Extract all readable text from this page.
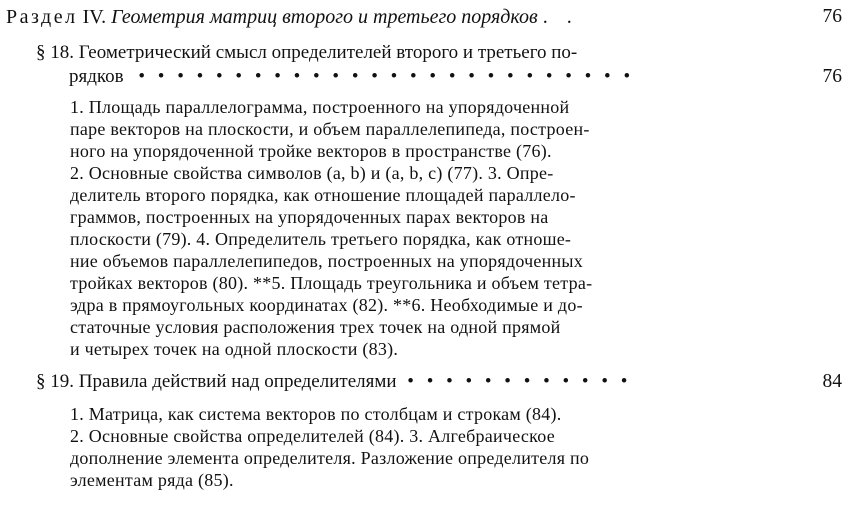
Раздел IV. Геометрия матриц второго и третьего порядков . .	76
§ 18. Геометрический смысл определителей второго и третьего по-
рядков • • • • • • • • • • • • • • • • • • • • • • • • • •	76
1. Площадь параллелограмма, построенного на упорядоченной
паре векторов на плоскости, и объем параллелепипеда, построен-
ного на упорядоченной тройке векторов в пространстве (76).
2. Основные свойства символов (a, b) и (a, b, c) (77). 3. Опре-
делитель второго порядка, как отношение площадей параллело-
граммов, построенных на упорядоченных парах векторов на
плоскости (79). 4. Определитель третьего порядка, как отноше-
ние объемов параллелепипедов, построенных на упорядоченных
тройках векторов (80). **5. Площадь треугольника и объем тетра-
эдра в прямоугольных координатах (82). **6. Необходимые и до-
статочные условия расположения трех точек на одной прямой
и четырех точек на одной плоскости (83).
§ 19. Правила действий над определителями • • • • • • • • • • • •	84
1. Матрица, как система векторов по столбцам и строкам (84).
2. Основные свойства определителей (84). 3. Алгебраическое
дополнение элемента определителя. Разложение определителя по
элементам ряда (85).
